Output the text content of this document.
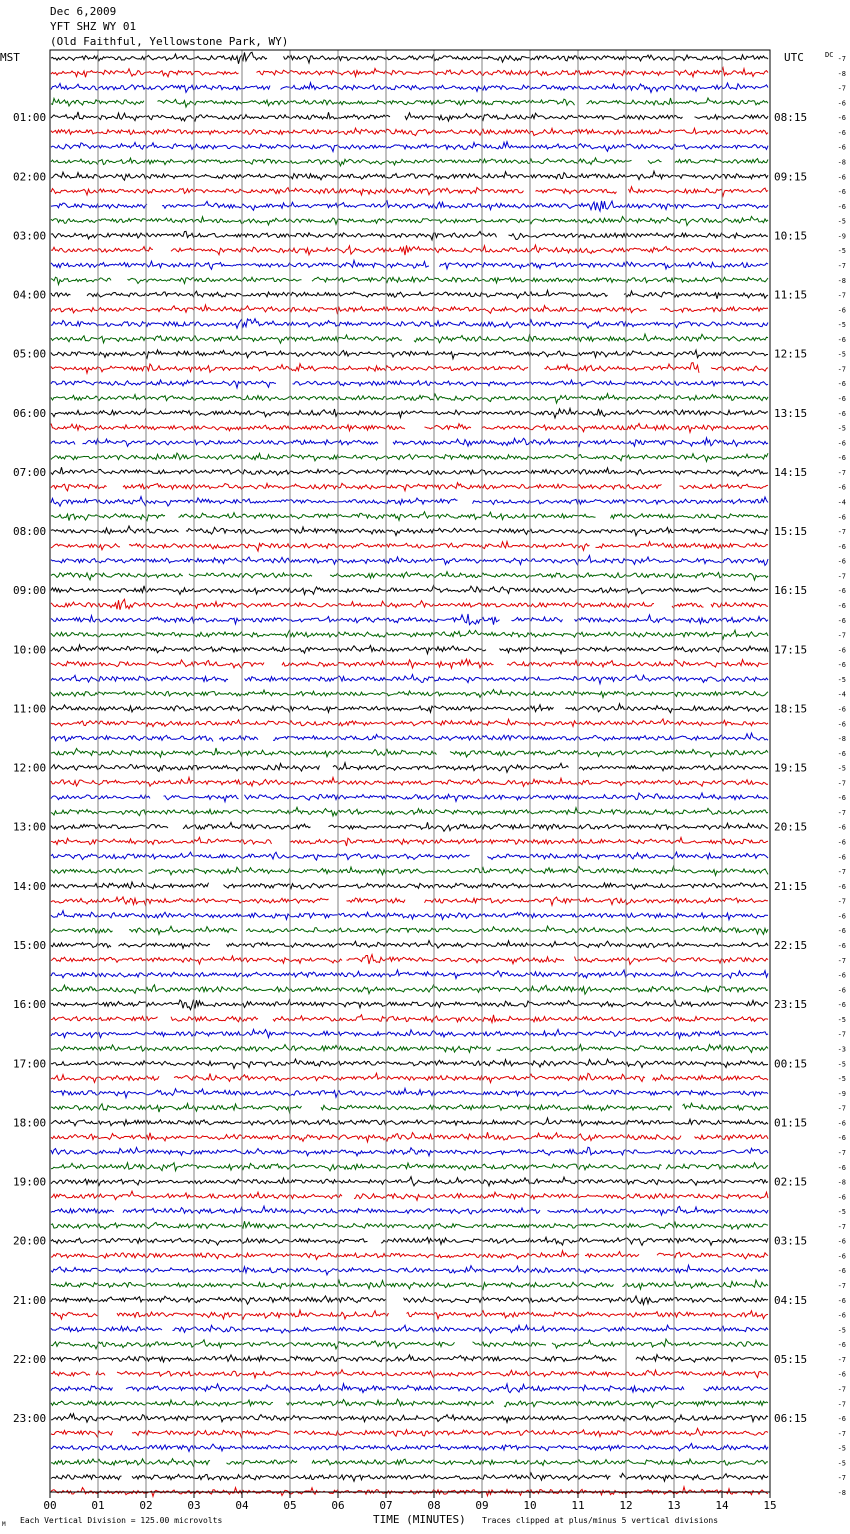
Dec 6,2009
YFT SHZ WY 01
(Old Faithful, Yellowstone Park, WY)
00	01	02	03	04	05	06	07	08	09	10	11	12	13	14	15
01:00
02:00
03:00
04:00
05:00
06:00
07:00
08:00
09:00
10:00
11:00
12:00
13:00
14:00
15:00
16:00
17:00
18:00
19:00
20:00
21:00
22:00
23:00
08:15
09:15
10:15
11:15
12:15
13:15
14:15
15:15
16:15
17:15
18:15
19:15
20:15
21:15
22:15
23:15
00:15
01:15
02:15
03:15
04:15
05:15
06:15
-7
-8
-7
-6
-6
-6
-6
-8
-6
-6
-6
-5
-9
-5
-7
-8
-7
-6
-5
-6
-5
-7
-6
-6
-6
-5
-6
-6
-7
-6
-4
-6
-7
-6
-6
-7
-6
-6
-6
-7
-6
-6
-5
-4
-6
-6
-8
-6
-5
-7
-6
-7
-6
-6
-6
-7
-6
-7
-6
-6
-6
-7
-6
-6
-6
-5
-7
-3
-5
-5
-9
-7
-6
-6
-7
-6
-8
-6
-5
-7
-6
-6
-6
-7
-6
-6
-5
-6
-7
-6
-7
-7
-6
-7
-5
-5
-7
-8
MST	UTC	DC
TIME (MINUTES)
Each Vertical Division = 125.00 microvolts	Traces clipped at plus/minus 5 vertical divisions
M
